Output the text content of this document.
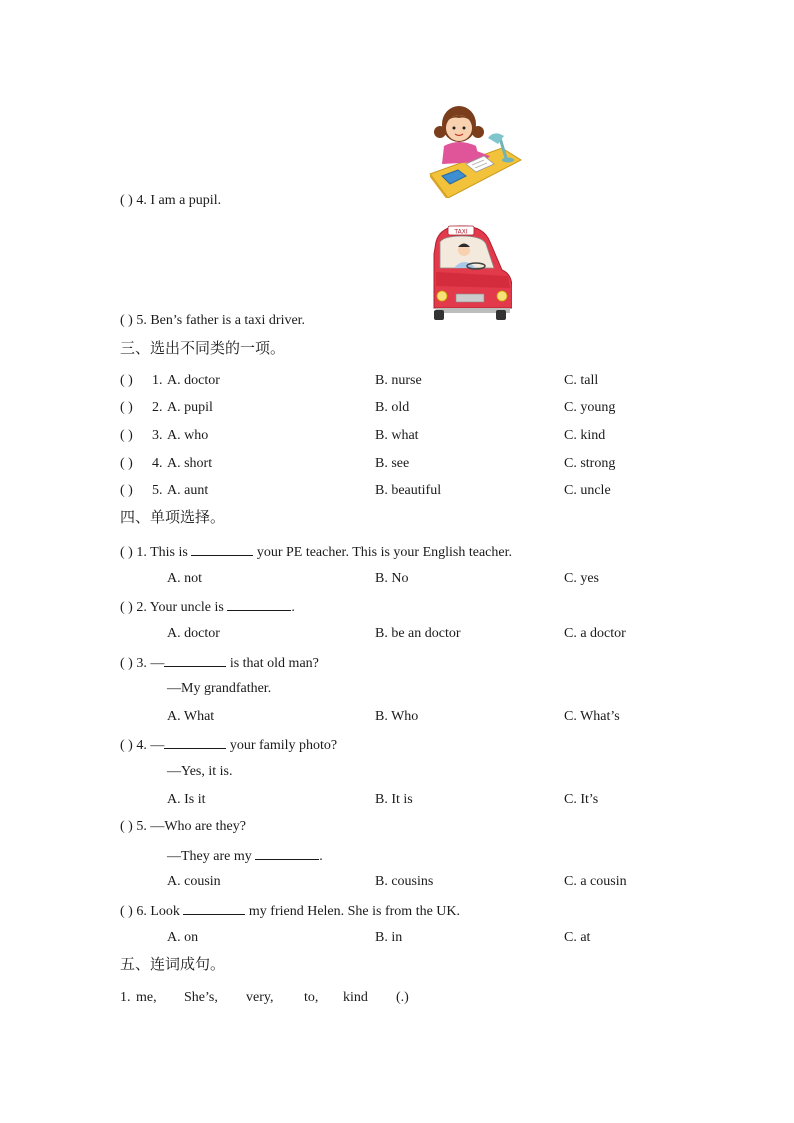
TAXI
( ) 4. I am a pupil.
( ) 5. Ben’s father is a taxi driver.
三、选出不同类的一项。
( ) 1. A. doctor	B. nurse	C. tall
( ) 2. A. pupil	B. old	C. young
( ) 3. A. who	B. what	C. kind
( ) 4. A. short	B. see	C. strong
( ) 5. A. aunt	B. beautiful	C. uncle
四、单项选择。
( ) 1. This is	your PE teacher. This is your English teacher.
A. not	B. No	C. yes
( ) 2. Your uncle is	.
A. doctor	B. be an doctor	C. a doctor
( ) 3. —	is that old man?
—My grandfather.
A. What	B. Who	C. What’s
( ) 4. —	your family photo?
—Yes, it is.
A. Is it	B. It is	C. It’s
( ) 5. —Who are they?
—They are my	.
A. cousin	B. cousins	C. a cousin
( ) 6. Look	my friend Helen. She is from the UK.
A. on	B. in	C. at
五、连词成句。
1. me, She’s, very, to, kind (.)
